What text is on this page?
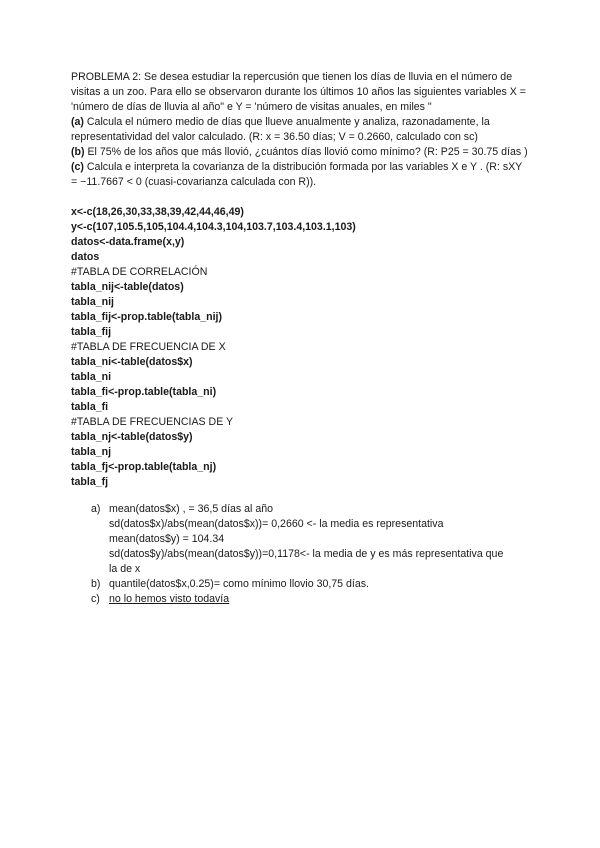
PROBLEMA 2: Se desea estudiar la repercusión que tienen los días de lluvia en el número de visitas a un zoo. Para ello se observaron durante los últimos 10 años las siguientes variables X = 'número de días de lluvia al año" e Y = 'número de visitas anuales, en miles "
(a) Calcula el número medio de días que llueve anualmente y analiza, razonadamente, la representatividad del valor calculado. (R: x = 36.50 días; V = 0.2660, calculado con sc)
(b) El 75% de los años que más llovió, ¿cuántos días llovió como mínimo? (R: P25 = 30.75 días )
(c) Calcula e interpreta la covarianza de la distribución formada por las variables X e Y . (R: sXY = −11.7667 < 0 (cuasi-covarianza calculada con R)).

x<-c(18,26,30,33,38,39,42,44,46,49)
y<-c(107,105.5,105,104.4,104.3,104,103.7,103.4,103.1,103)
datos<-data.frame(x,y)
datos
#TABLA DE CORRELACIÓN
tabla_nij<-table(datos)
tabla_nij
tabla_fij<-prop.table(tabla_nij)
tabla_fij
#TABLA DE FRECUENCIA DE X
tabla_ni<-table(datos$x)
tabla_ni
tabla_fi<-prop.table(tabla_ni)
tabla_fi
#TABLA DE FRECUENCIAS DE Y
tabla_nj<-table(datos$y)
tabla_nj
tabla_fj<-prop.table(tabla_nj)
tabla_fj
a) mean(datos$x) , = 36,5 días al año
sd(datos$x)/abs(mean(datos$x))= 0,2660 <- la media es representativa
mean(datos$y) = 104.34
sd(datos$y)/abs(mean(datos$y))=0,1178<- la media de y es más representativa que
la de x
b) quantile(datos$x,0.25)= como mínimo llovio 30,75 días.
c) no lo hemos visto todavía
